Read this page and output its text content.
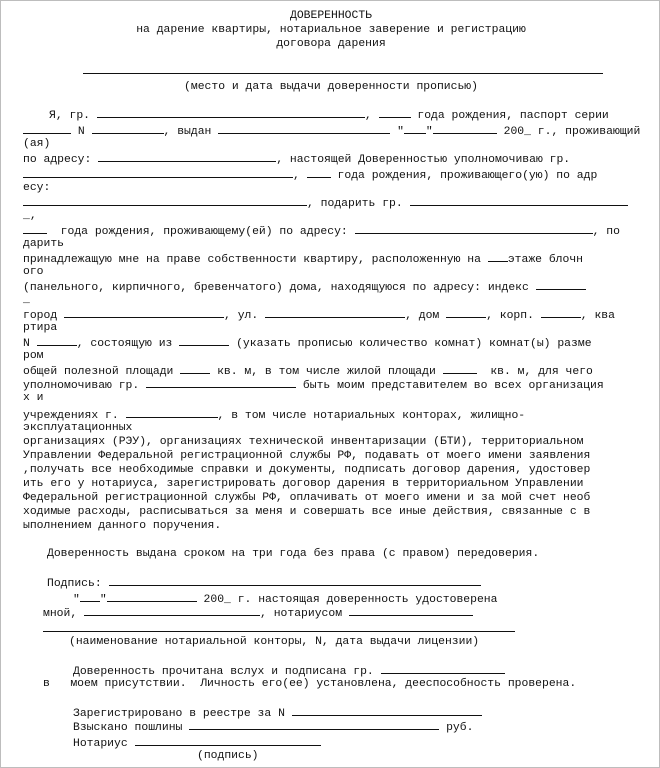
ДОВЕРЕННОСТЬ
на дарение квартиры, нотариальное заверение и регистрацию
договора дарения
(место и дата выдачи доверенности прописью)
Я, гр.	,	года рождения, паспорт серии
N	, выдан	" "	200_ г., проживающий
(ая)
по адресу:	, настоящей Доверенностью уполномочиваю гр.
,	года рождения, проживающего(ую) по адр
есу:
, подарить гр.
_,
года рождения, проживающему(ей) по адресу:	, по
дарить
принадлежащую мне на праве собственности квартиру, расположенную на этаже блочн
ого
(панельного, кирпичного, бревенчатого) дома, находящуюся по адресу: индекс
_
город	, ул.	, дом	, корп.	, ква
ртира
N	, состоящую из	(указать прописью количество комнат) комнат(ы) разме
ром
общей полезной площади	кв. м, в том числе жилой площади	кв. м, для чего
уполномочиваю гр.	быть моим представителем во всех организация
х и
учреждениях г.	, в том числе нотариальных конторах, жилищно-
эксплуатационных
организациях (РЭУ), организациях технической инвентаризации (БТИ), территориальном
Управлении Федеральной регистрационной службы РФ, подавать от моего имени заявления
,получать все необходимые справки и документы, подписать договор дарения, удостовер
ить его у нотариуса, зарегистрировать договор дарения в территориальном Управлении
Федеральной регистрационной службы РФ, оплачивать от моего имени и за мой счет необ
ходимые расходы, расписываться за меня и совершать все иные действия, связанные с в
ыполнением данного поручения.
Доверенность выдана сроком на три года без права (с правом) передоверия.
Подпись:
" "	200_ г. настоящая доверенность удостоверена
мной,	, нотариусом
(наименование нотариальной конторы, N, дата выдачи лицензии)
Доверенность прочитана вслух и подписана гр.
в   моем присутствии.  Личность его(ее) установлена, дееспособность проверена.
Зарегистрировано в реестре за N
Взыскано пошлины	руб.
Нотариус
(подпись)
